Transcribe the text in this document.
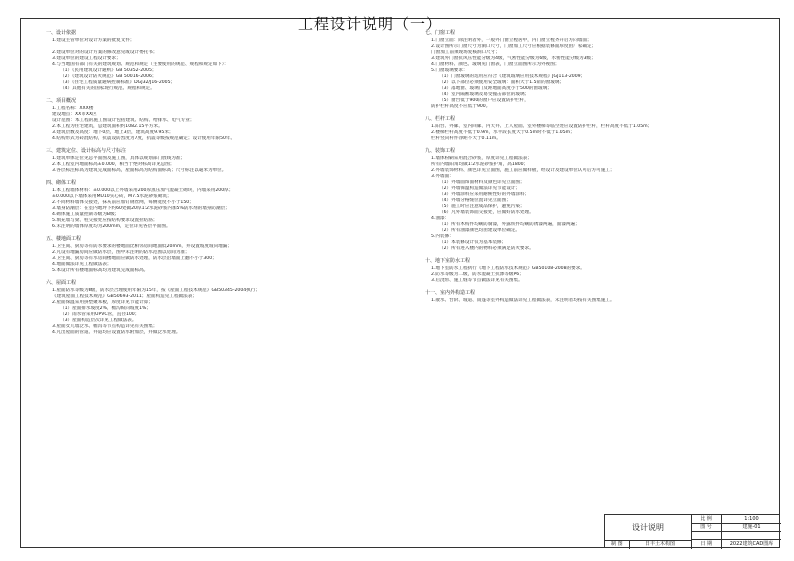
工程设计说明（一）
一、设计依据
1.建设主管单位对设计方案的批复文件；
2.建设单位对的设计方案的修改意见或设计委托书；
3.建设单位的建设工程设计要求；
4.与当地国有部门有关的建筑规划、规范和规定（主要使用的规范、规程和规定如下）：
（1）《民用建筑设计通则》GB 50352-2005；
（2）《建筑设计防火规范》GB 50016-2006；
（3）《住宅工程质量通病控制标准》DGJ32/J16-2005；
（4）其他有关的国家现行规范、规程和规定。
二、项目概况
1.工程名称：XXX楼
建设地点：XX市XX区
设计范围：本工程的施工图设计包括建筑、结构、给排水、电气专业；
2.本工程为住宅建筑，总建筑面积约1082.15平方米。
3.建筑层数及高度：地下0层，地上3层，建筑高度9.95米；
4.结构形式为砖混结构，抗震设防烈度为7度，抗震等级按规范确定；设计使用年限50年。
三、建筑定位、设计标高与尺寸标注
1.建筑单体定位见总平面图及施工图，具体以规划部门放线为准；
2.本工程室内地面标高±0.000，相当于绝对标高详见总图；
3.各层标注标高为建筑完成面标高，屋面标高为结构面标高；尺寸标注以毫米为单位。
四、砌体工程
1.本工程墙体材料：±0.000以上外墙采用200厚蒸压加气混凝土砌块，内墙采用200厚；
±0.000以下墙体采用MU10实心砖，M7.5水泥砂浆砌筑；
2.不同材料墙体交接处，抹灰前应加钉钢丝网，每侧宽度不小于150；
3.墙身防潮层：在室内地坪下约60处做20厚1:2水泥砂浆内加5%防水剂的墙身防潮层；
4.砌体施工质量控制等级为B级；
5.填充墙与梁、柱交接处应按结构要求设置拉结筋；
6.未注明的墙体厚度均为200mm，定位详见各层平面图。
五、楼地面工程
1.卫生间、厨房等有防水要求的楼地面比相邻房间地面低20mm，并设置坡度坡向地漏；
2.凡设有地漏房间应做防水层，图中未注明的防水范围以房间为准；
3.卫生间、厨房等有水房间楼地面应做防水处理，防水层沿墙面上翻不小于300；
4.地面做法详见工程做法表；
5.本设计所有楼地面标高均为建筑完成面标高。
六、屋面工程
1.屋面防水等级为Ⅱ级，防水层合理使用年限为15年，按《屋面工程技术规范》GB50345-2004执行；
《建筑屋面工程技术规范》GB50693-2011；屋面构造见工程做法表；
2.屋面保温采用挤塑聚苯板，厚度详见节能计算；
（1）屋面排水坡度2%，檐沟纵向坡度1%；
（2）雨水管采用UPVC管，直径100；
（3）屋面构造层次详见工程做法表。
3.屋面女儿墙泛水、檐沟等节点构造详见有关图集；
4.凡出屋面的管道、井道均应设置防水附加层，并做泛水处理。
七、门窗工程
1.门窗立面：除注明者外，一般外门窗立樘居中，内门窗立樘齐开启方向墙面；
2.设计图所示门窗尺寸为洞口尺寸，门窗加工尺寸应根据装修面厚度由厂家确定；
门窗加工前须现场复核洞口尺寸；
3.建筑外门窗抗风压性能分级为4级，气密性能分级为6级，水密性能分级为3级；
4.门窗材料、颜色、玻璃见门窗表，门窗立面图所示为外视图；
5.门窗玻璃要求：
（1）门窗玻璃的选用应符合《建筑玻璃应用技术规程》JGJ113-2009；
（2）以下部位必须使用安全玻璃：面积大于1.5㎡的窗玻璃；
（3）落地窗、玻璃门及距地面高度小于500的窗玻璃；
（4）室内隔断玻璃及易受撞击部位的玻璃；
（5）窗台低于900的窗户应设置防护栏杆，
防护栏杆高度不应低于900。
八、栏杆工程
1.阳台、外廊、室内回廊、内天井、上人屋面、室外楼梯等临空处应设置防护栏杆，栏杆高度不低于1.05m；
2.楼梯栏杆高度不低于0.9m，水平段长度大于0.5m时不低于1.05m；
栏杆竖向杆件净距不大于0.11m。
九、装饰工程
1.墙体粉刷采用混合砂浆，厚度详见工程做法表；
所有内墙阳角均做1:2水泥砂浆护角，高1800；
2.外墙装饰材料、颜色详见立面图，施工前应做样板，经设计及建设单位认可后方可施工；
3.外墙面：
（1）外墙面饰面材料及颜色详见立面图；
（2）外墙保温构造做法详见节能设计；
（3）外墙涂料应采用耐候性好的外墙涂料；
（4）外墙分格缝位置详见立面图；
（5）施工时应注意成品保护，避免污染；
（6）凡外墙装饰面交接处，应做好防水处理。
4.油漆：
（1）所有木构件均刷防腐漆，外露铁件均刷防锈漆两遍，面漆两遍；
（2）所有油漆颜色均由建设单位确定。
5.内装修：
（1）本装修设计仅为基本装修；
（2）所有进入楼内的物料必须满足防火要求。
十、地下室防水工程
1.地下室防水工程执行《地下工程防水技术规范》GB50108-2008的要求。
2.防水等级为二级，防水混凝土抗渗等级P6；
3.后浇带、施工缝等节点做法详见有关图集。
十一、室内外构造工程
1.散水、台阶、坡道、雨篷等室外构造做法详见工程做法表，未注明者均按有关图集施工。
设计说明
比 例	1:100
图 号	建施-01
制 图	日丰土木构图	日 期	2022建筑CAD图库
